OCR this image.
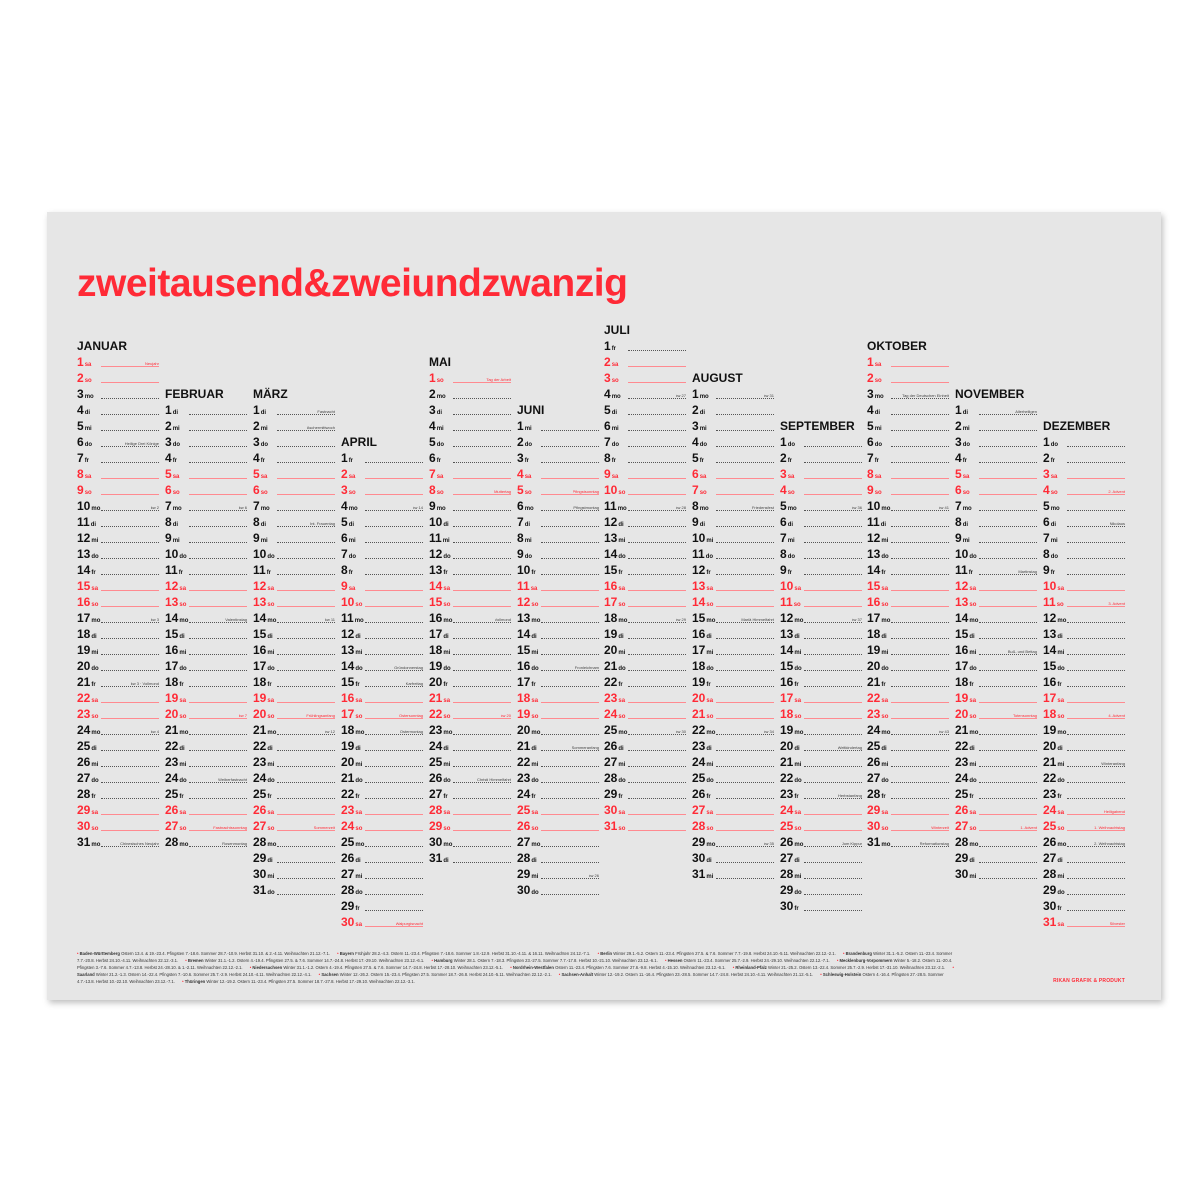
zweitausend&zweiundzwanzig
JANUAR
1sa	Neujahr
2so
3mo
4di
5mi
6do	Heilige Drei Könige
7fr
8sa
9so
10mo	kw 2
11di
12mi
13do
14fr
15sa
16so
17mo	kw 3
18di
19mi
20do
21fr	kw 3 · Vollmond
22sa
23so
24mo	kw 4
25di
26mi
27do
28fr
29sa
30so
31mo	Chinesisches Neujahr
FEBRUAR
1di
2mi
3do
4fr
5sa
6so
7mo	kw 6
8di
9mi
10do
11fr
12sa
13so
14mo	Valentinstag
15di
16mi
17do
18fr
19sa
20so	kw 7
21mo
22di
23mi
24do	Weiberfastnacht
25fr
26sa
27so	Fastnachtssonntag
28mo	Rosenmontag
MÄRZ
1di	Fastnacht
2mi	Aschermittwoch
3do
4fr
5sa
6so
7mo
8di	Int. Frauentag
9mi
10do
11fr
12sa
13so
14mo	kw 11
15di
16mi
17do
18fr
19sa
20so	Frühlingsanfang
21mo	kw 12
22di
23mi
24do
25fr
26sa
27so	Sommerzeit
28mo
29di
30mi
31do
APRIL
1fr
2sa
3so
4mo	kw 14
5di
6mi
7do
8fr
9sa
10so
11mo
12di
13mi
14do	Gründonnerstag
15fr	Karfreitag
16sa
17so	Ostersonntag
18mo	Ostermontag
19di
20mi
21do
22fr
23sa
24so
25mo
26di
27mi
28do
29fr
30sa	Walpurgisnacht
MAI
1so	Tag der Arbeit
2mo
3di
4mi
5do
6fr
7sa
8so	Muttertag
9mo
10di
11mi
12do
13fr
14sa
15so
16mo	Vollmond
17di
18mi
19do
20fr
21sa
22so	kw 20
23mo
24di
25mi
26do	Christi Himmelfahrt
27fr
28sa
29so
30mo
31di
JUNI
1mi
2do
3fr
4sa
5so	Pfingstsonntag
6mo	Pfingstmontag
7di
8mi
9do
10fr
11sa
12so
13mo
14di
15mi
16do	Fronleichnam
17fr
18sa
19so
20mo
21di	Sommeranfang
22mi
23do
24fr
25sa
26so
27mo
28di
29mi	kw 26
30do
JULI
1fr
2sa
3so
4mo	kw 27
5di
6mi
7do
8fr
9sa
10so
11mo	kw 28
12di
13mi
14do
15fr
16sa
17so
18mo	kw 29
19di
20mi
21do
22fr
23sa
24so
25mo	kw 30
26di
27mi
28do
29fr
30sa
31so
AUGUST
1mo	kw 31
2di
3mi
4do
5fr
6sa
7so
8mo	Friedensfest
9di
10mi
11do
12fr
13sa
14so
15mo	Mariä Himmelfahrt
16di
17mi
18do
19fr
20sa
21so
22mo	kw 34
23di
24mi
25do
26fr
27sa
28so
29mo	kw 35
30di
31mi
SEPTEMBER
1do
2fr
3sa
4so
5mo	kw 36
6di
7mi
8do
9fr
10sa
11so
12mo	kw 37
13di
14mi
15do
16fr
17sa
18so
19mo
20di	Weltkindertag
21mi
22do
23fr	Herbstanfang
24sa
25so
26mo	Jom Kippur
27di
28mi
29do
30fr
OKTOBER
1sa
2so
3mo	Tag der Deutschen Einheit
4di
5mi
6do
7fr
8sa
9so
10mo	kw 41
11di
12mi
13do
14fr
15sa
16so
17mo
18di
19mi
20do
21fr
22sa
23so
24mo	kw 43
25di
26mi
27do
28fr
29sa
30so	Winterzeit
31mo	Reformationstag
NOVEMBER
1di	Allerheiligen
2mi
3do
4fr
5sa
6so
7mo
8di
9mi
10do
11fr	Martinstag
12sa
13so
14mo
15di
16mi	Buß- und Bettag
17do
18fr
19sa
20so	Totensonntag
21mo
22di
23mi
24do
25fr
26sa
27so	1. Advent
28mo
29di
30mi
DEZEMBER
1do
2fr
3sa
4so	2. Advent
5mo
6di	Nikolaus
7mi
8do
9fr
10sa
11so	3. Advent
12mo
13di
14mi
15do
16fr
17sa
18so	4. Advent
19mo
20di
21mi	Winteranfang
22do
23fr
24sa	Heiligabend
25so	1. Weihnachtstag
26mo	2. Weihnachtstag
27di
28mi
29do
30fr
31sa	Silvester
• Baden-Württemberg Ostern 13.4. & 19.-23.4. Pfingsten 7.-18.6. Sommer 28.7.-10.9. Herbst 31.10. & 2.-4.11. Weihnachten 21.12.-7.1. • Bayern Frühjahr 28.2.-4.3. Ostern 11.-23.4. Pfingsten 7.-18.6. Sommer 1.8.-12.9. Herbst 31.10.-4.11. & 16.11. Weihnachten 24.12.-7.1. • Berlin Winter 29.1.-5.2. Ostern 11.-23.4. Pfingsten 27.5. & 7.6. Sommer 7.7.-19.8. Herbst 24.10.-5.11. Weihnachten 22.12.-2.1. • Brandenburg Winter 31.1.-5.2. Ostern 11.-23.4. Sommer 7.7.-20.8. Herbst 24.10.-4.11. Weihnachten 22.12.-3.1. • Bremen Winter 31.1.-1.2. Ostern 4.-19.4. Pfingsten 27.5. & 7.6. Sommer 14.7.-24.8. Herbst 17.-29.10. Weihnachten 23.12.-6.1. • Hamburg Winter 28.1. Ostern 7.-18.3. Pfingsten 23.-27.5. Sommer 7.7.-17.8. Herbst 10.-21.10. Weihnachten 23.12.-6.1. • Hessen Ostern 11.-23.4. Sommer 25.7.-2.9. Herbst 24.-29.10. Weihnachten 22.12.-7.1. • Mecklenburg-Vorpommern Winter 5.-18.2. Ostern 11.-20.4. Pfingsten 3.-7.6. Sommer 4.7.-13.8. Herbst 24.-28.10. & 1.-2.11. Weihnachten 22.12.-2.1. • Niedersachsen Winter 31.1.-1.2. Ostern 4.-19.4. Pfingsten 27.5. & 7.6. Sommer 14.7.-24.8. Herbst 17.-28.10. Weihnachten 23.12.-5.1. • Nordrhein-Westfalen Ostern 11.-23.4. Pfingsten 7.6. Sommer 27.6.-9.8. Herbst 4.-15.10. Weihnachten 23.12.-6.1. • Rheinland-Pfalz Winter 21.-25.2. Ostern 13.-22.4. Sommer 25.7.-2.9. Herbst 17.-31.10. Weihnachten 23.12.-2.1. • Saarland Winter 21.2.-1.3. Ostern 14.-22.4. Pfingsten 7.-10.6. Sommer 25.7.-2.9. Herbst 24.10.-4.11. Weihnachten 22.12.-4.1. • Sachsen Winter 12.-26.2. Ostern 15.-23.4. Pfingsten 27.5. Sommer 18.7.-26.8. Herbst 24.10.-5.11. Weihnachten 22.12.-2.1. • Sachsen-Anhalt Winter 12.-19.2. Ostern 11.-16.4. Pfingsten 23.-28.5. Sommer 14.7.-24.8. Herbst 24.10.-4.11. Weihnachten 21.12.-5.1. • Schleswig-Holstein Ostern 4.-16.4. Pfingsten 27.-28.5. Sommer 4.7.-13.8. Herbst 10.-22.10. Weihnachten 23.12.-7.1. • Thüringen Winter 12.-19.2. Ostern 11.-23.4. Pfingsten 27.5. Sommer 18.7.-27.8. Herbst 17.-29.10. Weihnachten 22.12.-3.1.	RIKAN GRAFIK & PRODUKT
